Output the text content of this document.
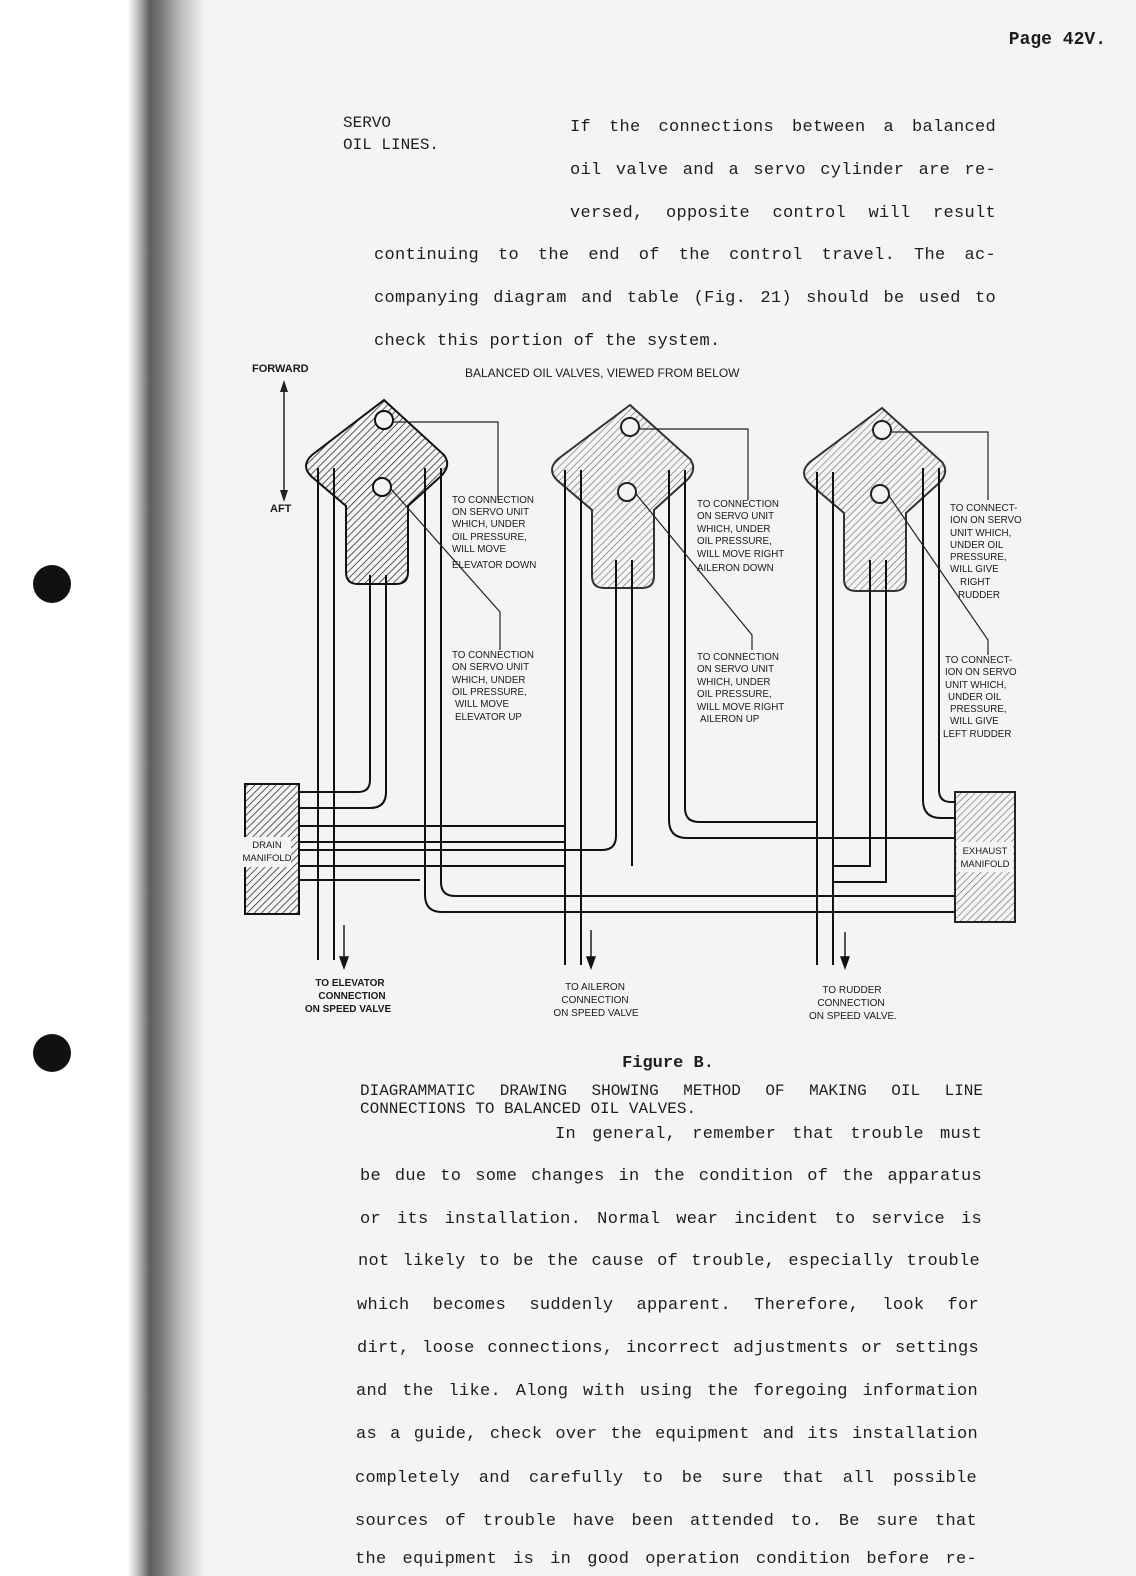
Page 42V.
SERVO
OIL LINES.
If the connections between a balanced
oil valve and a servo cylinder are re-
versed, opposite control will result
continuing to the end of the control travel. The ac-
companying diagram and table (Fig. 21) should be used to
check this portion of the system.
BALANCED OIL VALVES, VIEWED FROM BELOW
FORWARD
AFT
DRAIN
MANIFOLD
EXHAUST
MANIFOLD
TO CONNECTION
ON SERVO UNIT
WHICH, UNDER
OIL PRESSURE,
WILL MOVE
ELEVATOR DOWN
TO CONNECTION
ON SERVO UNIT
WHICH, UNDER
OIL PRESSURE,
WILL MOVE
ELEVATOR UP
TO CONNECTION
ON SERVO UNIT
WHICH, UNDER
OIL PRESSURE,
WILL MOVE RIGHT
AILERON DOWN
TO CONNECTION
ON SERVO UNIT
WHICH, UNDER
OIL PRESSURE,
WILL MOVE RIGHT
AILERON UP
TO CONNECT-
ION ON SERVO
UNIT WHICH,
UNDER OIL
PRESSURE,
WILL GIVE
RIGHT
RUDDER
TO CONNECT-
ION ON SERVO
UNIT WHICH,
UNDER OIL
PRESSURE,
WILL GIVE
LEFT RUDDER
TO ELEVATOR
CONNECTION
ON SPEED VALVE
TO AILERON
CONNECTION
ON SPEED VALVE
TO RUDDER
CONNECTION
ON SPEED VALVE.
Figure B.
DIAGRAMMATIC DRAWING SHOWING METHOD OF MAKING OIL LINE
CONNECTIONS TO BALANCED OIL VALVES.
In general, remember that trouble must
be due to some changes in the condition of the apparatus
or its installation. Normal wear incident to service is
not likely to be the cause of trouble, especially trouble
which becomes suddenly apparent. Therefore, look for
dirt, loose connections, incorrect adjustments or settings
and the like. Along with using the foregoing information
as a guide, check over the equipment and its installation
completely and carefully to be sure that all possible
sources of trouble have been attended to. Be sure that
the equipment is in good operation condition before re-
